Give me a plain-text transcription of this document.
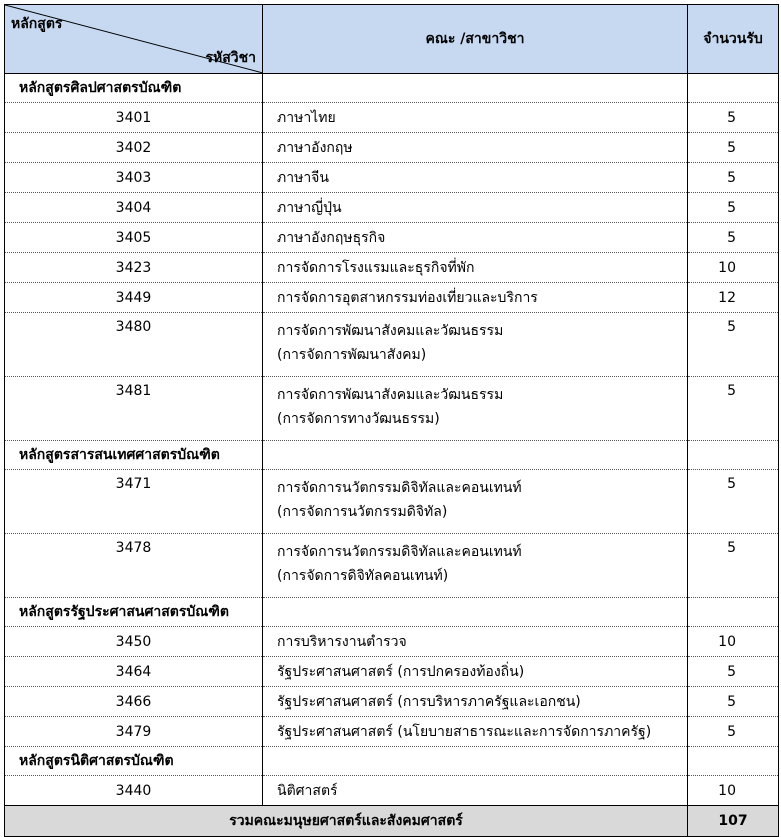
หลักสูตร
รหัสวิชา	คณะ /สาขาวิชา	จำนวนรับ
หลักสูตรศิลปศาสตรบัณฑิต		
3401	ภาษาไทย	5
3402	ภาษาอังกฤษ	5
3403	ภาษาจีน	5
3404	ภาษาญี่ปุ่น	5
3405	ภาษาอังกฤษธุรกิจ	5
3423	การจัดการโรงแรมและธุรกิจที่พัก	10
3449	การจัดการอุตสาหกรรมท่องเที่ยวและบริการ	12
3480	การจัดการพัฒนาสังคมและวัฒนธรรม
(การจัดการพัฒนาสังคม)	5
3481	การจัดการพัฒนาสังคมและวัฒนธรรม
(การจัดการทางวัฒนธรรม)	5
หลักสูตรสารสนเทศศาสตรบัณฑิต		
3471	การจัดการนวัตกรรมดิจิทัลและคอนเทนท์
(การจัดการนวัตกรรมดิจิทัล)	5
3478	การจัดการนวัตกรรมดิจิทัลและคอนเทนท์
(การจัดการดิจิทัลคอนเทนท์)	5
หลักสูตรรัฐประศาสนศาสตรบัณฑิต		
3450	การบริหารงานตำรวจ	10
3464	รัฐประศาสนศาสตร์ (การปกครองท้องถิ่น)	5
3466	รัฐประศาสนศาสตร์ (การบริหารภาครัฐและเอกชน)	5
3479	รัฐประศาสนศาสตร์ (นโยบายสาธารณะและการจัดการภาครัฐ)	5
หลักสูตรนิติศาสตรบัณฑิต		
3440	นิติศาสตร์	10
รวมคณะมนุษยศาสตร์และสังคมศาสตร์		107
